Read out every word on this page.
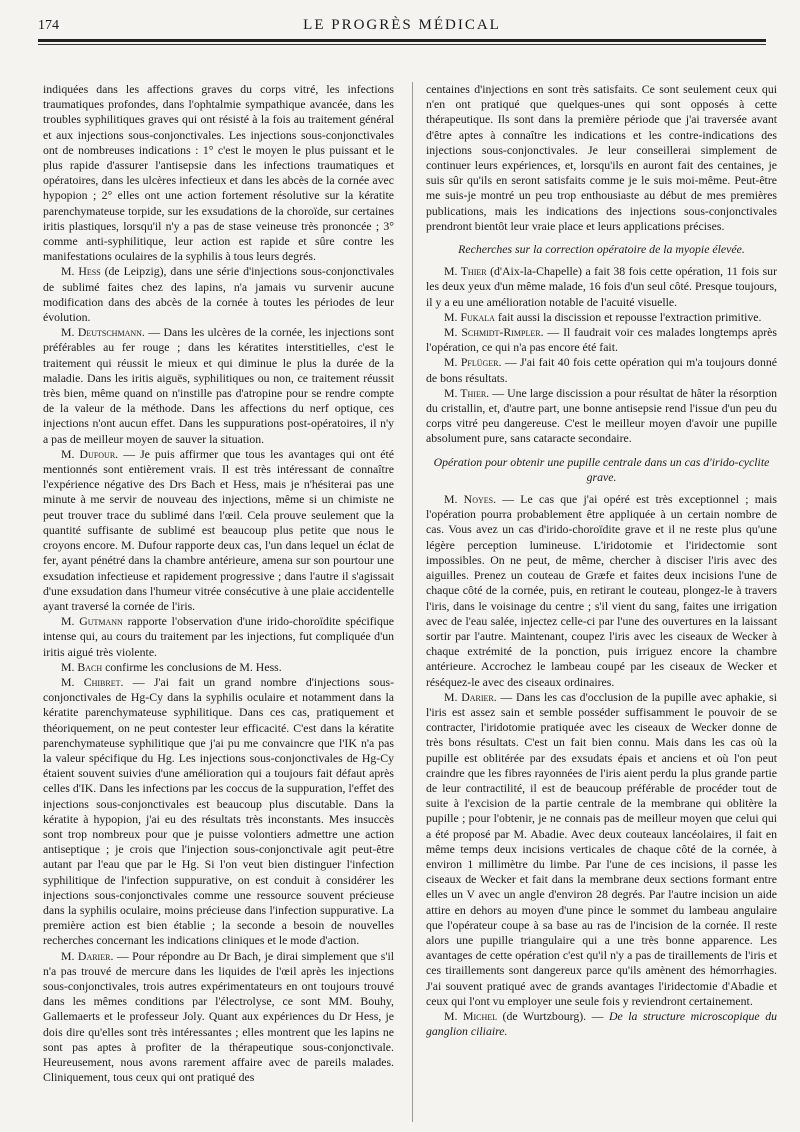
174	LE PROGRÈS MÉDICAL

indiquées dans les affections graves du corps vitré, les infections traumatiques profondes, dans l'ophtalmie sympathique avancée, dans les troubles syphilitiques graves qui ont résisté à la fois au traitement général et aux injections sous-conjonctivales. Les injections sous-conjonctivales ont de nombreuses indications : 1° c'est le moyen le plus puissant et le plus rapide d'assurer l'antisepsie dans les infections traumatiques et opératoires, dans les ulcères infectieux et dans les abcès de la cornée avec hypopion ; 2° elles ont une action fortement résolutive sur la kératite parenchymateuse torpide, sur les exsudations de la choroïde, sur certaines iritis plastiques, lorsqu'il n'y a pas de stase veineuse très prononcée ; 3° comme anti-syphilitique, leur action est rapide et sûre contre les manifestations oculaires de la syphilis à tous leurs degrés.

M. Hess (de Leipzig), dans une série d'injections sous-conjonctivales de sublimé faites chez des lapins, n'a jamais vu survenir aucune modification dans des abcès de la cornée à toutes les périodes de leur évolution.

M. Deutschmann. — Dans les ulcères de la cornée, les injections sont préférables au fer rouge ; dans les kératites interstitielles, c'est le traitement qui réussit le mieux et qui diminue le plus la durée de la maladie. Dans les iritis aiguës, syphilitiques ou non, ce traitement réussit très bien, même quand on n'instille pas d'atropine pour se rendre compte de la valeur de la méthode. Dans les affections du nerf optique, ces injections n'ont aucun effet. Dans les suppurations post-opératoires, il n'y a pas de meilleur moyen de sauver la situation.

M. Dufour. — Je puis affirmer que tous les avantages qui ont été mentionnés sont entièrement vrais. Il est très intéressant de connaître l'expérience négative des Drs Bach et Hess, mais je n'hésiterai pas une minute à me servir de nouveau des injections, même si un chimiste ne peut trouver trace du sublimé dans l'œil. Cela prouve seulement que la quantité suffisante de sublimé est beaucoup plus petite que nous le croyons encore. M. Dufour rapporte deux cas, l'un dans lequel un éclat de fer, ayant pénétré dans la chambre antérieure, amena sur son pourtour une exsudation infectieuse et rapidement progressive ; dans l'autre il s'agissait d'une exsudation dans l'humeur vitrée consécutive à une plaie accidentelle ayant traversé la cornée de l'iris.

M. Gutmann rapporte l'observation d'une irido-choroïdite spécifique intense qui, au cours du traitement par les injections, fut compliquée d'un iritis aigué très violente.

M. Bach confirme les conclusions de M. Hess.

M. Chibret. — J'ai fait un grand nombre d'injections sous-conjonctivales de Hg-Cy dans la syphilis oculaire et notamment dans la kératite parenchymateuse syphilitique. Dans ces cas, pratiquement et théoriquement, on ne peut contester leur efficacité. C'est dans la kératite parenchymateuse syphilitique que j'ai pu me convaincre que l'IK n'a pas la valeur spécifique du Hg. Les injections sous-conjonctivales de Hg-Cy étaient souvent suivies d'une amélioration qui a toujours fait défaut après celles d'IK. Dans les infections par les coccus de la suppuration, l'effet des injections sous-conjonctivales est beaucoup plus discutable. Dans la kératite à hypopion, j'ai eu des résultats très inconstants. Mes insuccès sont trop nombreux pour que je puisse volontiers admettre une action antiseptique ; je crois que l'injection sous-conjonctivale agit peut-être autant par l'eau que par le Hg. Si l'on veut bien distinguer l'infection syphilitique de l'infection suppurative, on est conduit à considérer les injections sous-conjonctivales comme une ressource souvent précieuse dans la syphilis oculaire, moins précieuse dans l'infection suppurative. La première action est bien établie ; la seconde a besoin de nouvelles recherches concernant les indications cliniques et le mode d'action.

M. Darier. — Pour répondre au Dr Bach, je dirai simplement que s'il n'a pas trouvé de mercure dans les liquides de l'œil après les injections sous-conjonctivales, trois autres expérimentateurs en ont toujours trouvé dans les mêmes conditions par l'électrolyse, ce sont MM. Bouhy, Gallemaerts et le professeur Joly. Quant aux expériences du Dr Hess, je dois dire qu'elles sont très intéressantes ; elles montrent que les lapins ne sont pas aptes à profiter de la thérapeutique sous-conjonctivale. Heureusement, nous avons rarement affaire avec de pareils malades. Cliniquement, tous ceux qui ont pratiqué des

centaines d'injections en sont très satisfaits. Ce sont seulement ceux qui n'en ont pratiqué que quelques-unes qui sont opposés à cette thérapeutique. Ils sont dans la première période que j'ai traversée avant d'être aptes à connaître les indications et les contre-indications des injections sous-conjonctivales. Je leur conseillerai simplement de continuer leurs expériences, et, lorsqu'ils en auront fait des centaines, je suis sûr qu'ils en seront satisfaits comme je le suis moi-même. Peut-être me suis-je montré un peu trop enthousiaste au début de mes premières publications, mais les indications des injections sous-conjonctivales prendront bientôt leur vraie place et leurs applications précises.

Recherches sur la correction opératoire de la myopie élevée.

M. Thier (d'Aix-la-Chapelle) a fait 38 fois cette opération, 11 fois sur les deux yeux d'un même malade, 16 fois d'un seul côté. Presque toujours, il y a eu une amélioration notable de l'acuité visuelle.

M. Fukala fait aussi la discission et repousse l'extraction primitive.

M. Schmidt-Rimpler. — Il faudrait voir ces malades longtemps après l'opération, ce qui n'a pas encore été fait.

M. Pflüger. — J'ai fait 40 fois cette opération qui m'a toujours donné de bons résultats.

M. Thier. — Une large discission a pour résultat de hâter la résorption du cristallin, et, d'autre part, une bonne antisepsie rend l'issue d'un peu du corps vitré peu dangereuse. C'est le meilleur moyen d'avoir une pupille absolument pure, sans cataracte secondaire.

Opération pour obtenir une pupille centrale dans un cas d'irido-cyclite grave.

M. Noyes. — Le cas que j'ai opéré est très exceptionnel ; mais l'opération pourra probablement être appliquée à un certain nombre de cas. Vous avez un cas d'irido-choroïdite grave et il ne reste plus qu'une légère perception lumineuse. L'iridotomie et l'iridectomie sont impossibles. On ne peut, de même, chercher à disciser l'iris avec des aiguilles. Prenez un couteau de Græfe et faites deux incisions l'une de chaque côté de la cornée, puis, en retirant le couteau, plongez-le à travers l'iris, dans le voisinage du centre ; s'il vient du sang, faites une irrigation avec de l'eau salée, injectez celle-ci par l'une des ouvertures en la laissant sortir par l'autre. Maintenant, coupez l'iris avec les ciseaux de Wecker à chaque extrémité de la ponction, puis irriguez encore la chambre antérieure. Accrochez le lambeau coupé par les ciseaux de Wecker et réséquez-le avec des ciseaux ordinaires.

M. Darier. — Dans les cas d'occlusion de la pupille avec aphakie, si l'iris est assez sain et semble posséder suffisamment le pouvoir de se contracter, l'iridotomie pratiquée avec les ciseaux de Wecker donne de très bons résultats. C'est un fait bien connu. Mais dans les cas où la pupille est oblitérée par des exsudats épais et anciens et où l'on peut craindre que les fibres rayonnées de l'iris aient perdu la plus grande partie de leur contractilité, il est de beaucoup préférable de procéder tout de suite à l'excision de la partie centrale de la membrane qui oblitère la pupille ; pour l'obtenir, je ne connais pas de meilleur moyen que celui qui a été proposé par M. Abadie. Avec deux couteaux lancéolaires, il fait en même temps deux incisions verticales de chaque côté de la cornée, à environ 1 millimètre du limbe. Par l'une de ces incisions, il passe les ciseaux de Wecker et fait dans la membrane deux sections formant entre elles un V avec un angle d'environ 28 degrés. Par l'autre incision un aide attire en dehors au moyen d'une pince le sommet du lambeau angulaire que l'opérateur coupe à sa base au ras de l'incision de la cornée. Il reste alors une pupille triangulaire qui a une très bonne apparence. Les avantages de cette opération c'est qu'il n'y a pas de tiraillements de l'iris et ces tiraillements sont dangereux parce qu'ils amènent des hémorrhagies. J'ai souvent pratiqué avec de grands avantages l'iridectomie d'Abadie et ceux qui l'ont vu employer une seule fois y reviendront certainement.

M. Michel (de Wurtzbourg). — De la structure microscopique du ganglion ciliaire.
